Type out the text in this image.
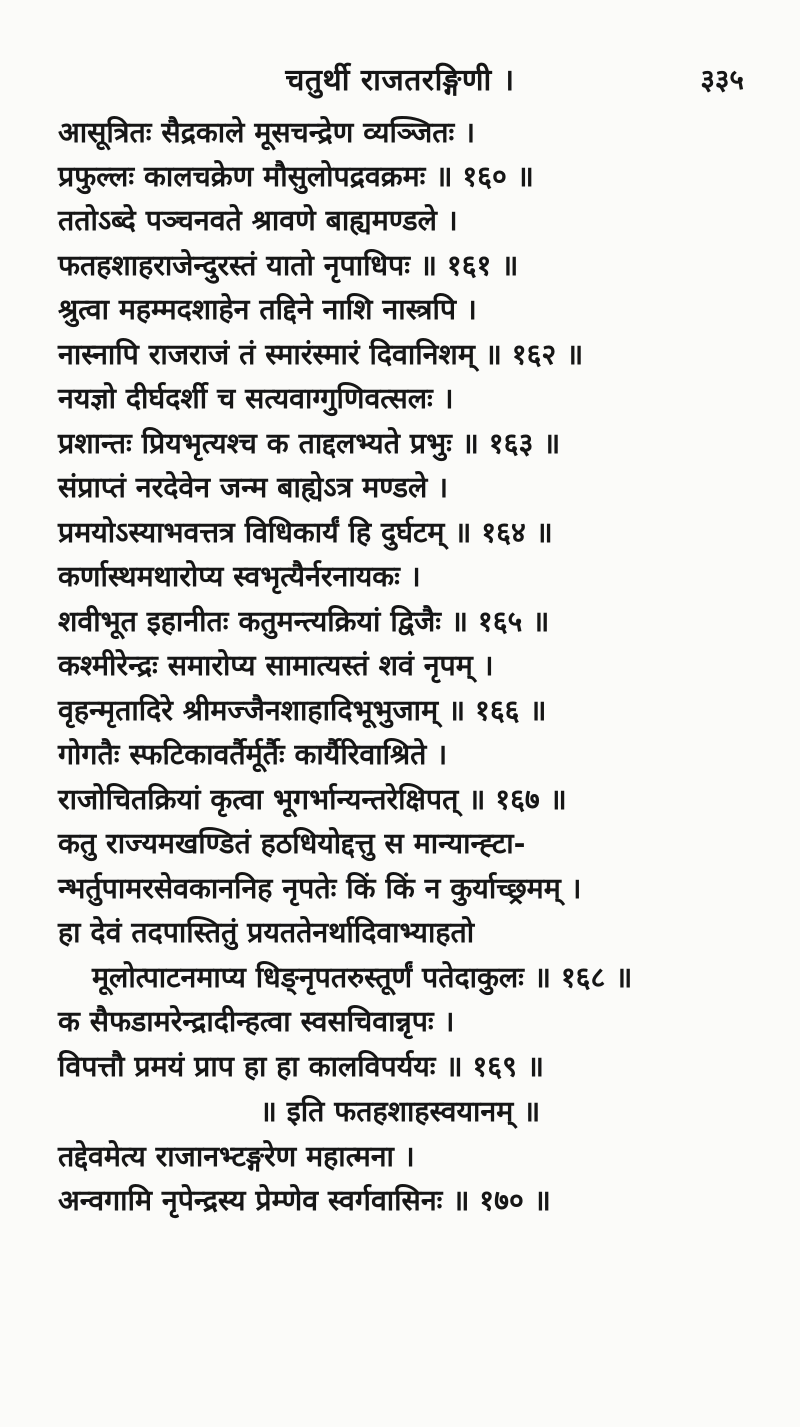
चतुर्थी राजतरङ्गिणी ।	३३५
आसूत्रितः सैद्रकाले मूसचन्द्रेण व्यञ्जितः ।
प्रफुल्लः कालचक्रेण मौसुलोपद्रवक्रमः ॥ १६० ॥
ततोऽब्दे पञ्चनवते श्रावणे बाह्यमण्डले ।
फतहशाहराजेन्दुरस्तं यातो नृपाधिपः ॥ १६१ ॥
श्रुत्वा महम्मदशाहेन तद्दिने नाशि नास्त्रपि ।
नास्नापि राजराजं तं स्मारंस्मारं दिवानिशम् ॥ १६२ ॥
नयज्ञो दीर्घदर्शी च सत्यवाग्गुणिवत्सलः ।
प्रशान्तः प्रियभृत्यश्च क ताद्दलभ्यते प्रभुः ॥ १६३ ॥
संप्राप्तं नरदेवेन जन्म बाह्येऽत्र मण्डले ।
प्रमयोऽस्याभवत्तत्र विधिकार्यं हि दुर्घटम् ॥ १६४ ॥
कर्णास्थमथारोप्य स्वभृत्यैर्नरनायकः ।
शवीभूत इहानीतः कतुमन्त्यक्रियां द्विजैः ॥ १६५ ॥
कश्मीरेन्द्रः समारोप्य सामात्यस्तं शवं नृपम् ।
वृहन्मृतादिरे श्रीमज्जैनशाहादिभूभुजाम् ॥ १६६ ॥
गोगतैः स्फटिकावर्तैर्मूर्तैः कार्यैरिवाश्रिते ।
राजोचितक्रियां कृत्वा भूगर्भान्यन्तरेक्षिपत् ॥ १६७ ॥
कतु राज्यमखण्डितं हठधियोद्दत्तु स मान्यान्ह्टा-
न्भर्तुपामरसेवकाननिह नृपतेः किं किं न कुर्याच्छ्रमम् ।
हा देवं तदपास्तितुं प्रयततेनर्थादिवाभ्याहतो
मूलोत्पाटनमाप्य धिङ्नृपतरुस्तूर्णं पतेदाकुलः ॥ १६८ ॥
क सैफडामरेन्द्रादीन्हत्वा स्वसचिवान्नृपः ।
विपत्तौ प्रमयं प्राप हा हा कालविपर्ययः ॥ १६९ ॥
॥ इति फतहशाहस्वयानम् ॥
तद्देवमेत्य राजानभ्टङ्गरेण महात्मना ।
अन्वगामि नृपेन्द्रस्य प्रेम्णेव स्वर्गवासिनः ॥ १७० ॥
